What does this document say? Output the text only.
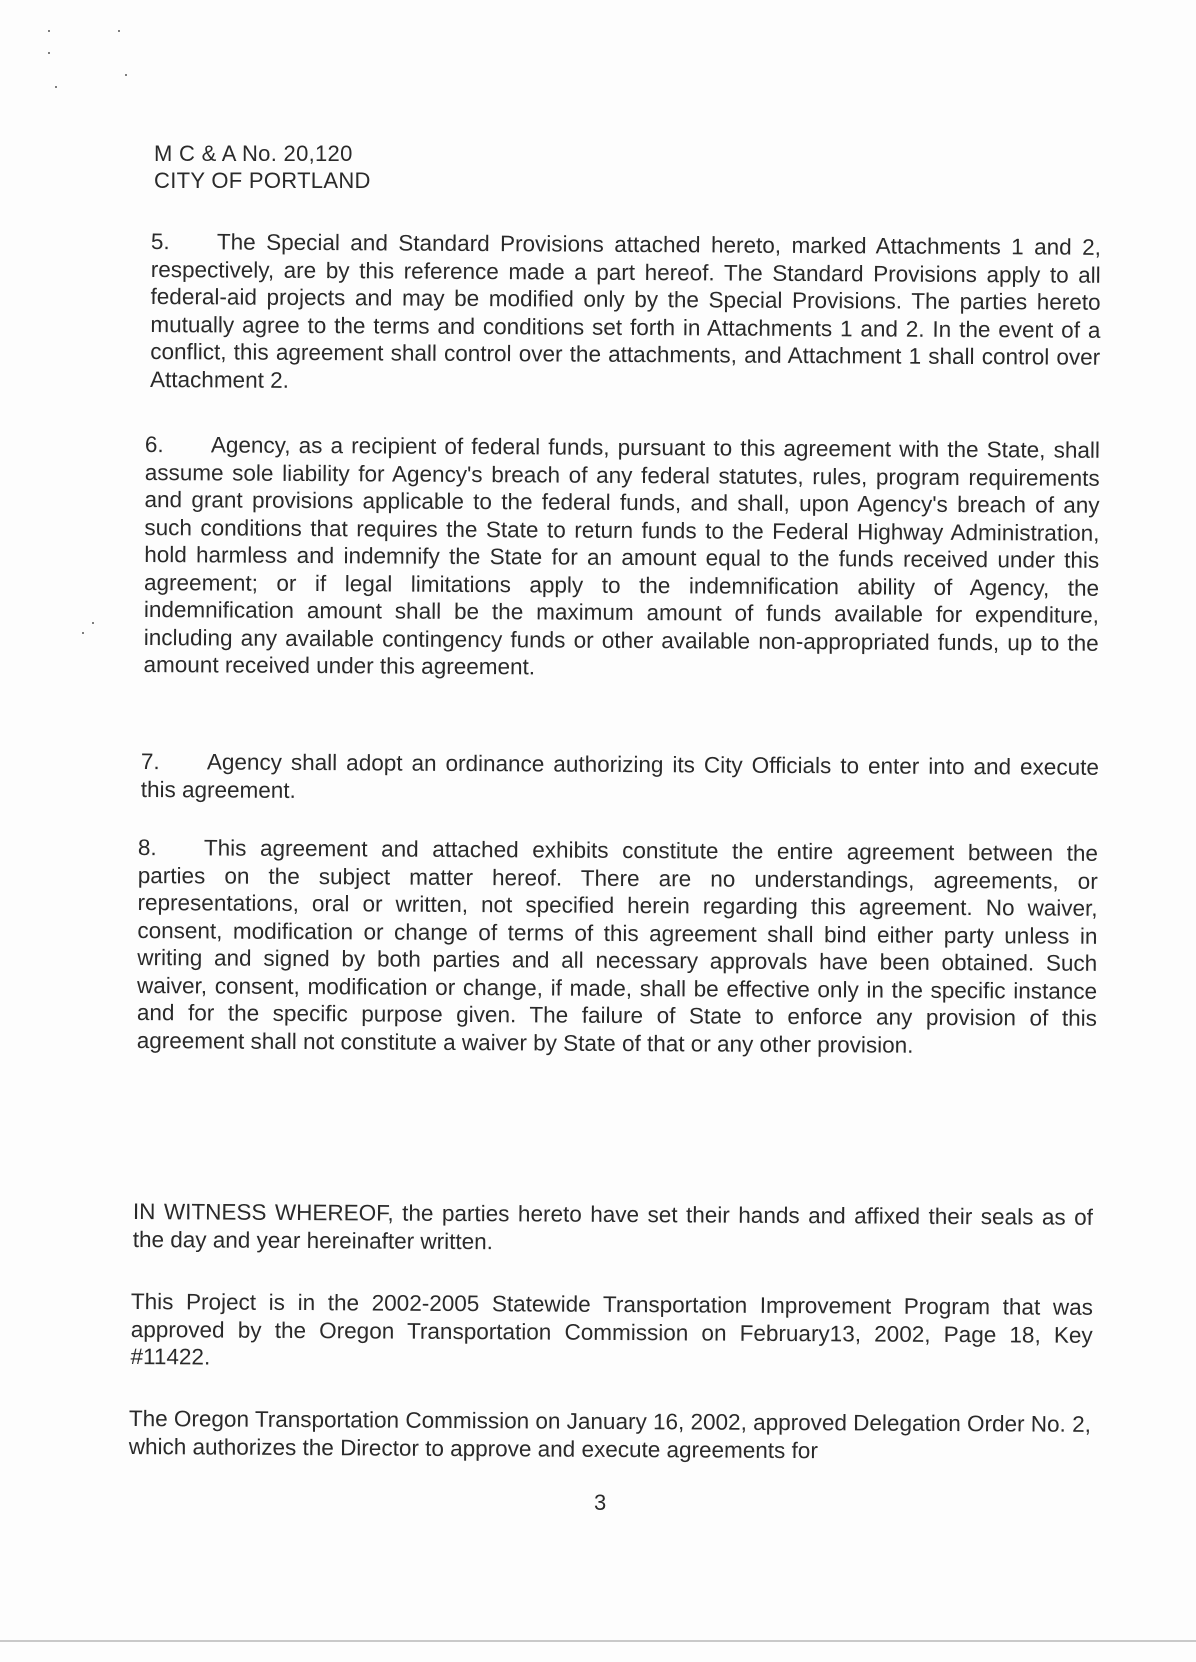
M C & A No. 20,120
CITY OF PORTLAND
5. The Special and Standard Provisions attached hereto, marked Attachments 1 and 2, respectively, are by this reference made a part hereof. The Standard Provisions apply to all federal-aid projects and may be modified only by the Special Provisions. The parties hereto mutually agree to the terms and conditions set forth in Attachments 1 and 2. In the event of a conflict, this agreement shall control over the attachments, and Attachment 1 shall control over Attachment 2.
6. Agency, as a recipient of federal funds, pursuant to this agreement with the State, shall assume sole liability for Agency's breach of any federal statutes, rules, program requirements and grant provisions applicable to the federal funds, and shall, upon Agency's breach of any such conditions that requires the State to return funds to the Federal Highway Administration, hold harmless and indemnify the State for an amount equal to the funds received under this agreement; or if legal limitations apply to the indemnification ability of Agency, the indemnification amount shall be the maximum amount of funds available for expenditure, including any available contingency funds or other available non-appropriated funds, up to the amount received under this agreement.
7. Agency shall adopt an ordinance authorizing its City Officials to enter into and execute this agreement.
8. This agreement and attached exhibits constitute the entire agreement between the parties on the subject matter hereof. There are no understandings, agreements, or representations, oral or written, not specified herein regarding this agreement. No waiver, consent, modification or change of terms of this agreement shall bind either party unless in writing and signed by both parties and all necessary approvals have been obtained. Such waiver, consent, modification or change, if made, shall be effective only in the specific instance and for the specific purpose given. The failure of State to enforce any provision of this agreement shall not constitute a waiver by State of that or any other provision.
IN WITNESS WHEREOF, the parties hereto have set their hands and affixed their seals as of the day and year hereinafter written.
This Project is in the 2002-2005 Statewide Transportation Improvement Program that was approved by the Oregon Transportation Commission on February13, 2002, Page 18, Key #11422.
The Oregon Transportation Commission on January 16, 2002, approved Delegation Order No. 2, which authorizes the Director to approve and execute agreements for
3
